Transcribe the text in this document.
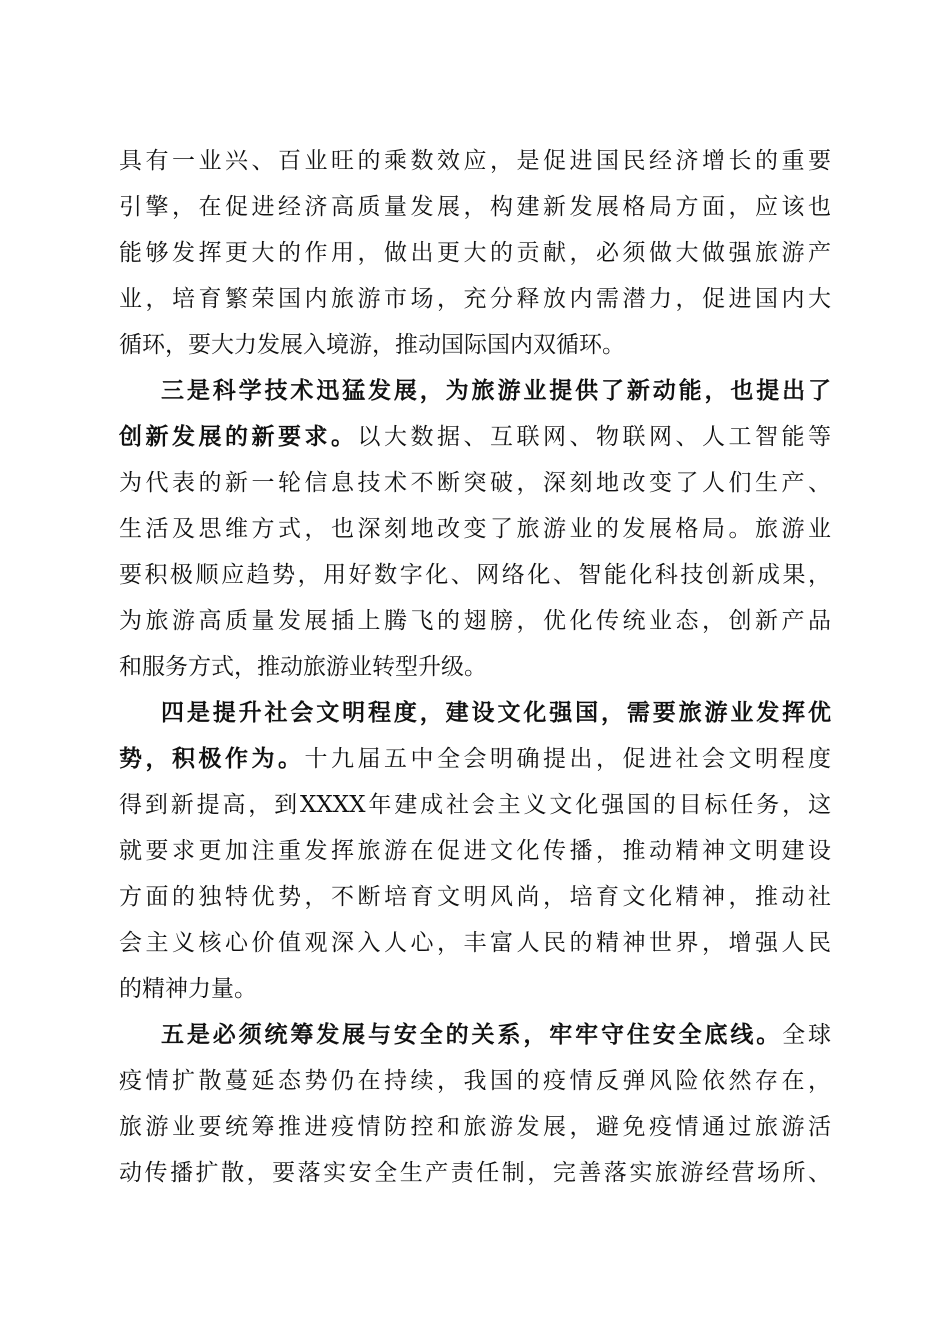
具有一业兴、百业旺的乘数效应，是促进国民经济增长的重要
引擎，在促进经济高质量发展，构建新发展格局方面，应该也
能够发挥更大的作用，做出更大的贡献，必须做大做强旅游产
业，培育繁荣国内旅游市场，充分释放内需潜力，促进国内大
循环，要大力发展入境游，推动国际国内双循环。
三是科学技术迅猛发展，为旅游业提供了新动能，也提出了
创新发展的新要求。以大数据、互联网、物联网、人工智能等
为代表的新一轮信息技术不断突破，深刻地改变了人们生产、
生活及思维方式，也深刻地改变了旅游业的发展格局。旅游业
要积极顺应趋势，用好数字化、网络化、智能化科技创新成果，
为旅游高质量发展插上腾飞的翅膀，优化传统业态，创新产品
和服务方式，推动旅游业转型升级。
四是提升社会文明程度，建设文化强国，需要旅游业发挥优
势，积极作为。十九届五中全会明确提出，促进社会文明程度
得到新提高，到XXXX年建成社会主义文化强国的目标任务，这
就要求更加注重发挥旅游在促进文化传播，推动精神文明建设
方面的独特优势，不断培育文明风尚，培育文化精神，推动社
会主义核心价值观深入人心，丰富人民的精神世界，增强人民
的精神力量。
五是必须统筹发展与安全的关系，牢牢守住安全底线。全球
疫情扩散蔓延态势仍在持续，我国的疫情反弹风险依然存在，
旅游业要统筹推进疫情防控和旅游发展，避免疫情通过旅游活
动传播扩散，要落实安全生产责任制，完善落实旅游经营场所、
